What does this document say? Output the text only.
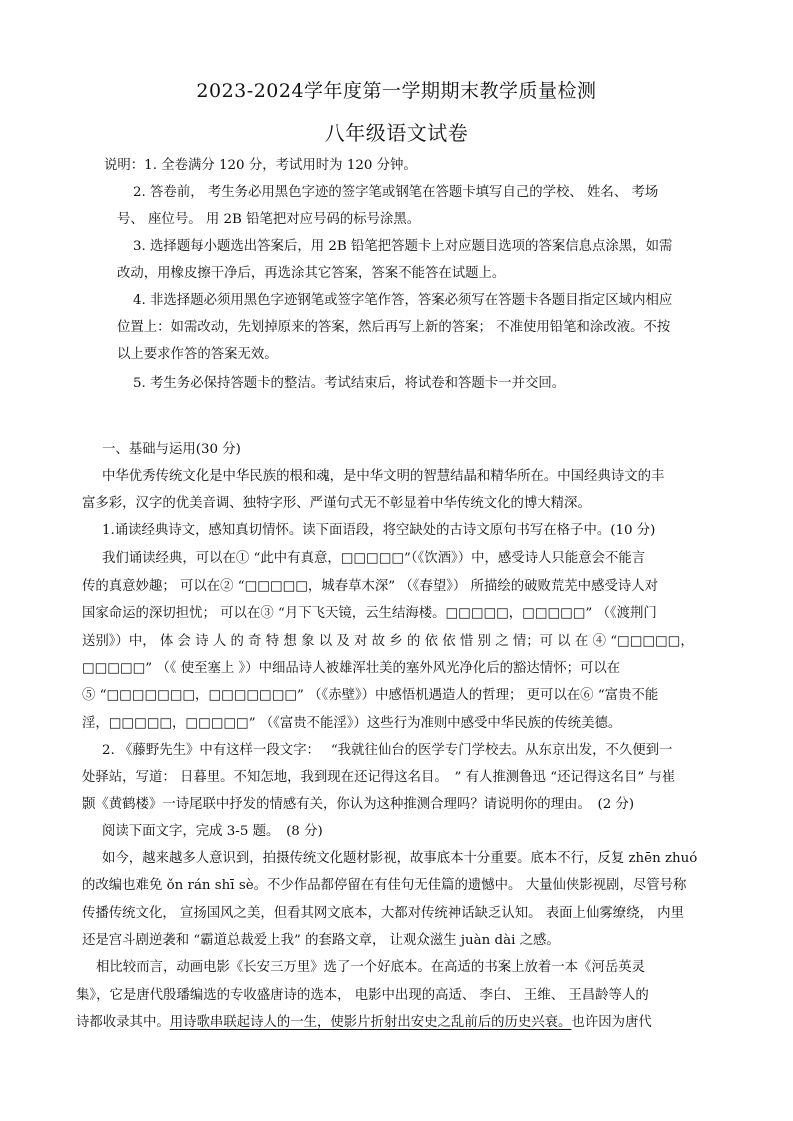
2023-2024学年度第一学期期末教学质量检测
八年级语文试卷
说明：1. 全卷满分 120 分，考试用时为 120 分钟。
2. 答卷前， 考生务必用黑色字迹的签字笔或钢笔在答题卡填写自己的学校、 姓名、 考场
号、 座位号。 用 2B 铅笔把对应号码的标号涂黑。
3. 选择题每小题选出答案后，用 2B 铅笔把答题卡上对应题目选项的答案信息点涂黑，如需
改动，用橡皮擦干净后，再选涂其它答案，答案不能答在试题上。
4. 非选择题必须用黑色字迹钢笔或签字笔作答，答案必须写在答题卡各题目指定区域内相应
位置上：如需改动，先划掉原来的答案，然后再写上新的答案； 不准使用铅笔和涂改液。不按
以上要求作答的答案无效。
5. 考生务必保持答题卡的整洁。考试结束后，将试卷和答题卡一并交回。
一、基础与运用(30 分)
中华优秀传统文化是中华民族的根和魂，是中华文明的智慧结晶和精华所在。中国经典诗文的丰
富多彩，汉字的优美音调、独特字形、严谨句式无不彰显着中华传统文化的博大精深。
1.诵读经典诗文，感知真切情怀。读下面语段，将空缺处的古诗文原句书写在格子中。(10 分)
我们诵读经典，可以在① “此中有真意，□□□□□”（《饮酒》）中，感受诗人只能意会不能言
传的真意妙趣； 可以在② “□□□□□，城春草木深” （《春望》） 所描绘的破败荒芜中感受诗人对
国家命运的深切担忧； 可以在③ “月下飞天镜，云生结海楼。□□□□□，□□□□□” （《渡荆门
送别》）中， 体 会 诗 人 的 奇 特 想 象 以 及 对 故 乡 的 依 依 惜 别 之 情；可 以 在 ④ “□□□□□，
□□□□□” （《 使至塞上 》）中细品诗人被雄浑壮美的塞外风光净化后的豁达情怀；可以在
⑤ “□□□□□□□，□□□□□□□” （《赤壁》）中感悟机遇造人的哲理； 更可以在⑥ “富贵不能
淫，□□□□□，□□□□□” （《富贵不能淫》）这些行为准则中感受中华民族的传统美德。
2. 《藤野先生》中有这样一段文字：　 “我就往仙台的医学专门学校去。从东京出发，不久便到一
处驿站，写道： 日暮里。不知怎地，我到现在还记得这名目。　” 有人推测鲁迅 “还记得这名目” 与崔
颢《黄鹤楼》一诗尾联中抒发的情感有关，你认为这种推测合理吗？请说明你的理由。　(2 分)
阅读下面文字，完成 3-5 题。　(8 分)
如今，越来越多人意识到，拍摄传统文化题材影视，故事底本十分重要。底本不行，反复 zhēn zhuó
的改编也难免 ǒn rán shī sè。不少作品都停留在有佳句无佳篇的遗憾中。 大量仙侠影视剧，尽管号称
传播传统文化， 宣扬国风之美，但看其网文底本，大都对传统神话缺乏认知。 表面上仙雾缭绕， 内里
还是宫斗剧逆袭和 “霸道总裁爱上我” 的套路文章， 让观众滋生 juàn dài 之感。
相比较而言，动画电影《长安三万里》选了一个好底本。在高适的书案上放着一本《河岳英灵
集》，它是唐代殷璠编选的专收盛唐诗的选本， 电影中出现的高适、 李白、 王维、 王昌龄等人的
诗都收录其中。用诗歌串联起诗人的一生，使影片折射出安史之乱前后的历史兴衰。也许因为唐代
